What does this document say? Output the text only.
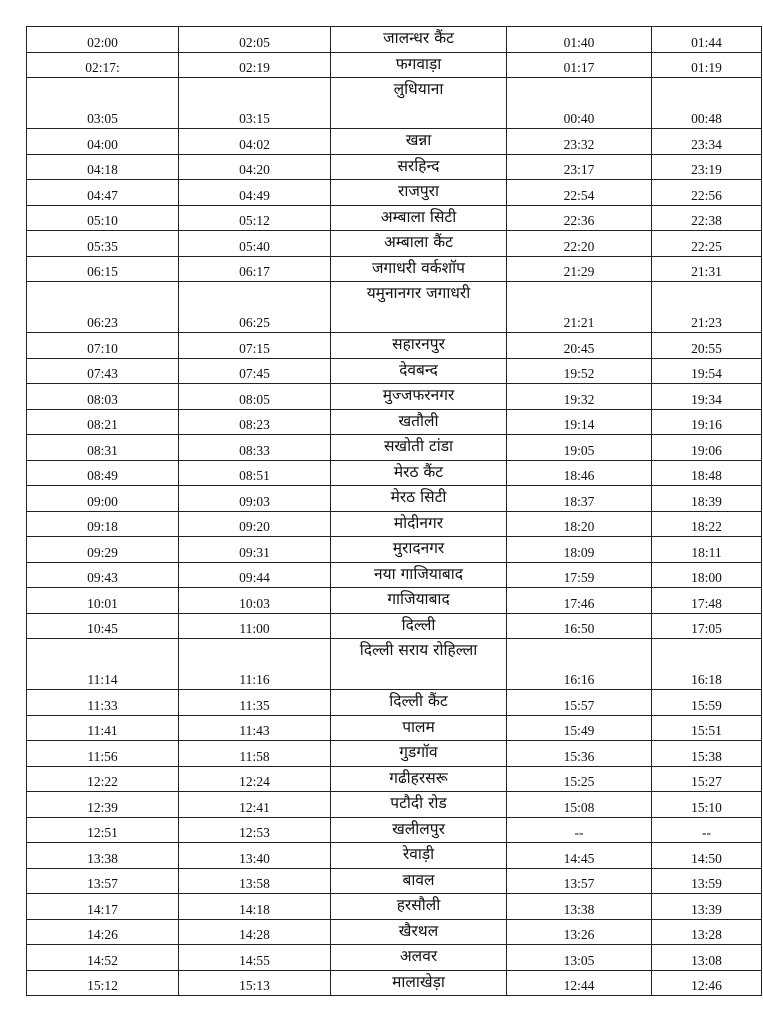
02:00	02:05	जालन्धर कैंट	01:40	01:44
02:17:	02:19	फगवाड़ा	01:17	01:19
03:05	03:15	लुधियाना	00:40	00:48
04:00	04:02	खन्ना	23:32	23:34
04:18	04:20	सरहिन्द	23:17	23:19
04:47	04:49	राजपुरा	22:54	22:56
05:10	05:12	अम्बाला सिटी	22:36	22:38
05:35	05:40	अम्बाला कैंट	22:20	22:25
06:15	06:17	जगाधरी वर्कशॉप	21:29	21:31
06:23	06:25	यमुनानगर जगाधरी	21:21	21:23
07:10	07:15	सहारनपुर	20:45	20:55
07:43	07:45	देवबन्द	19:52	19:54
08:03	08:05	मुज्जफरनगर	19:32	19:34
08:21	08:23	खतौली	19:14	19:16
08:31	08:33	सखोती टांडा	19:05	19:06
08:49	08:51	मेरठ कैंट	18:46	18:48
09:00	09:03	मेरठ सिटी	18:37	18:39
09:18	09:20	मोदीनगर	18:20	18:22
09:29	09:31	मुरादनगर	18:09	18:11
09:43	09:44	नया गाजियाबाद	17:59	18:00
10:01	10:03	गाजियाबाद	17:46	17:48
10:45	11:00	दिल्ली	16:50	17:05
11:14	11:16	दिल्ली सराय रोहिल्ला	16:16	16:18
11:33	11:35	दिल्ली कैंट	15:57	15:59
11:41	11:43	पालम	15:49	15:51
11:56	11:58	गुडगॉव	15:36	15:38
12:22	12:24	गढीहरसरू	15:25	15:27
12:39	12:41	पटौदी रोड	15:08	15:10
12:51	12:53	खलीलपुर	--	--
13:38	13:40	रेवाड़ी	14:45	14:50
13:57	13:58	बावल	13:57	13:59
14:17	14:18	हरसौली	13:38	13:39
14:26	14:28	खैरथल	13:26	13:28
14:52	14:55	अलवर	13:05	13:08
15:12	15:13	मालाखेड़ा	12:44	12:46
